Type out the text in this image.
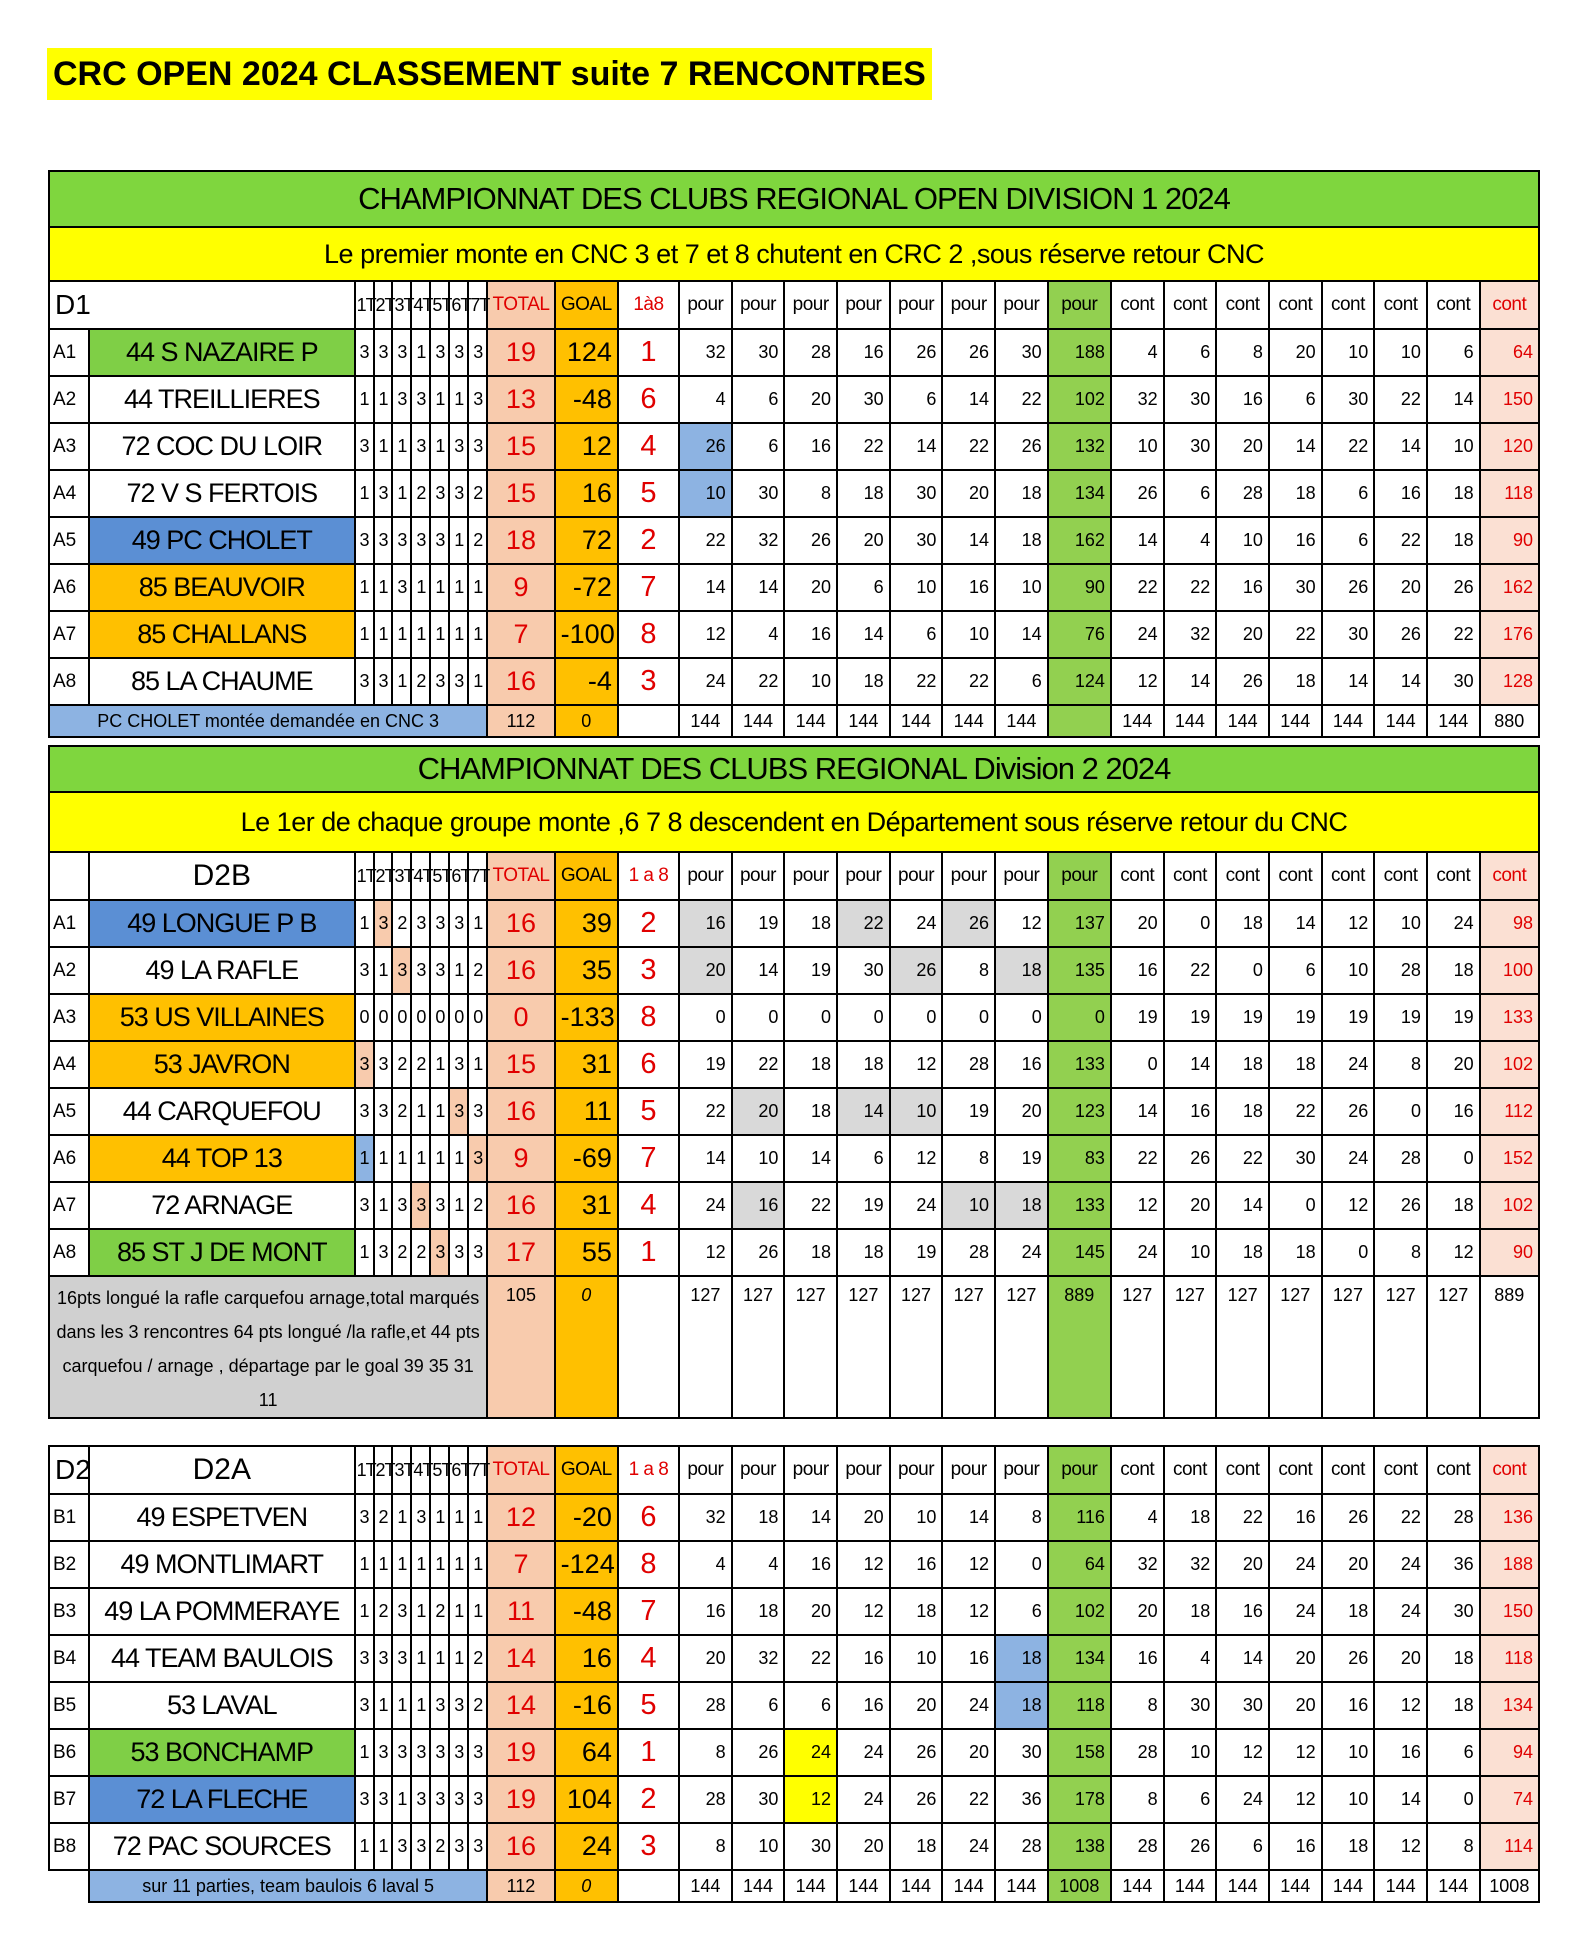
CRC OPEN 2024 CLASSEMENT suite 7 RENCONTRES
CHAMPIONNAT DES CLUBS REGIONAL OPEN DIVISION 1 2024																											
Le premier monte en CNC 3 et 7 et 8 chutent en CRC 2 ,sous réserve retour CNC																											
D1		1T	2T	3T	4T	5T	6T	7T	TOTAL	GOAL	1à8	pour	pour	pour	pour	pour	pour	pour	pour	cont	cont	cont	cont	cont	cont	cont	cont
A1	44 S NAZAIRE P	3	3	3	1	3	3	3	19	124	1	32	30	28	16	26	26	30	188	4	6	8	20	10	10	6	64
A2	44 TREILLIERES	1	1	3	3	1	1	3	13	-48	6	4	6	20	30	6	14	22	102	32	30	16	6	30	22	14	150
A3	72 COC DU LOIR	3	1	1	3	1	3	3	15	12	4	26	6	16	22	14	22	26	132	10	30	20	14	22	14	10	120
A4	72 V S FERTOIS	1	3	1	2	3	3	2	15	16	5	10	30	8	18	30	20	18	134	26	6	28	18	6	16	18	118
A5	49 PC CHOLET	3	3	3	3	3	1	2	18	72	2	22	32	26	20	30	14	18	162	14	4	10	16	6	22	18	90
A6	85 BEAUVOIR	1	1	3	1	1	1	1	9	-72	7	14	14	20	6	10	16	10	90	22	22	16	30	26	20	26	162
A7	85 CHALLANS	1	1	1	1	1	1	1	7	-100	8	12	4	16	14	6	10	14	76	24	32	20	22	30	26	22	176
A8	85 LA CHAUME	3	3	1	2	3	3	1	16	-4	3	24	22	10	18	22	22	6	124	12	14	26	18	14	14	30	128
PC CHOLET montée demandée en CNC 3									112	0		144	144	144	144	144	144	144		144	144	144	144	144	144	144	880
CHAMPIONNAT DES CLUBS REGIONAL Division 2 2024																											
Le 1er de chaque groupe monte ,6 7 8 descendent en Département sous réserve retour du CNC																											
	D2B	1T	2T	3T	4T	5T	6T	7T	TOTAL	GOAL	1 a 8	pour	pour	pour	pour	pour	pour	pour	pour	cont	cont	cont	cont	cont	cont	cont	cont
A1	49 LONGUE P B	1	3	2	3	3	3	1	16	39	2	16	19	18	22	24	26	12	137	20	0	18	14	12	10	24	98
A2	49 LA RAFLE	3	1	3	3	3	1	2	16	35	3	20	14	19	30	26	8	18	135	16	22	0	6	10	28	18	100
A3	53 US VILLAINES	0	0	0	0	0	0	0	0	-133	8	0	0	0	0	0	0	0	0	19	19	19	19	19	19	19	133
A4	53 JAVRON	3	3	2	2	1	3	1	15	31	6	19	22	18	18	12	28	16	133	0	14	18	18	24	8	20	102
A5	44 CARQUEFOU	3	3	2	1	1	3	3	16	11	5	22	20	18	14	10	19	20	123	14	16	18	22	26	0	16	112
A6	44 TOP 13	1	1	1	1	1	1	3	9	-69	7	14	10	14	6	12	8	19	83	22	26	22	30	24	28	0	152
A7	72 ARNAGE	3	1	3	3	3	1	2	16	31	4	24	16	22	19	24	10	18	133	12	20	14	0	12	26	18	102
A8	85 ST J DE MONT	1	3	2	2	3	3	3	17	55	1	12	26	18	18	19	28	24	145	24	10	18	18	0	8	12	90
16pts longué la rafle carquefou arnage,total marqués dans les 3 rencontres 64 pts longué /la rafle,et 44 pts carquefou / arnage , départage par le goal 39 35 31 11									105	0		127	127	127	127	127	127	127	889	127	127	127	127	127	127	127	889
D2	D2A	1T	2T	3T	4T	5T	6T	7T	TOTAL	GOAL	1 a 8	pour	pour	pour	pour	pour	pour	pour	pour	cont	cont	cont	cont	cont	cont	cont	cont
B1	49 ESPETVEN	3	2	1	3	1	1	1	12	-20	6	32	18	14	20	10	14	8	116	4	18	22	16	26	22	28	136
B2	49 MONTLIMART	1	1	1	1	1	1	1	7	-124	8	4	4	16	12	16	12	0	64	32	32	20	24	20	24	36	188
B3	49 LA POMMERAYE	1	2	3	1	2	1	1	11	-48	7	16	18	20	12	18	12	6	102	20	18	16	24	18	24	30	150
B4	44 TEAM BAULOIS	3	3	3	1	1	1	2	14	16	4	20	32	22	16	10	16	18	134	16	4	14	20	26	20	18	118
B5	53 LAVAL	3	1	1	1	3	3	2	14	-16	5	28	6	6	16	20	24	18	118	8	30	30	20	16	12	18	134
B6	53 BONCHAMP	1	3	3	3	3	3	3	19	64	1	8	26	24	24	26	20	30	158	28	10	12	12	10	16	6	94
B7	72 LA FLECHE	3	3	1	3	3	3	3	19	104	2	28	30	12	24	26	22	36	178	8	6	24	12	10	14	0	74
B8	72 PAC SOURCES	1	1	3	3	2	3	3	16	24	3	8	10	30	20	18	24	28	138	28	26	6	16	18	12	8	114
	sur 11 parties, team baulois 6 laval 5								112	0		144	144	144	144	144	144	144	1008	144	144	144	144	144	144	144	1008
